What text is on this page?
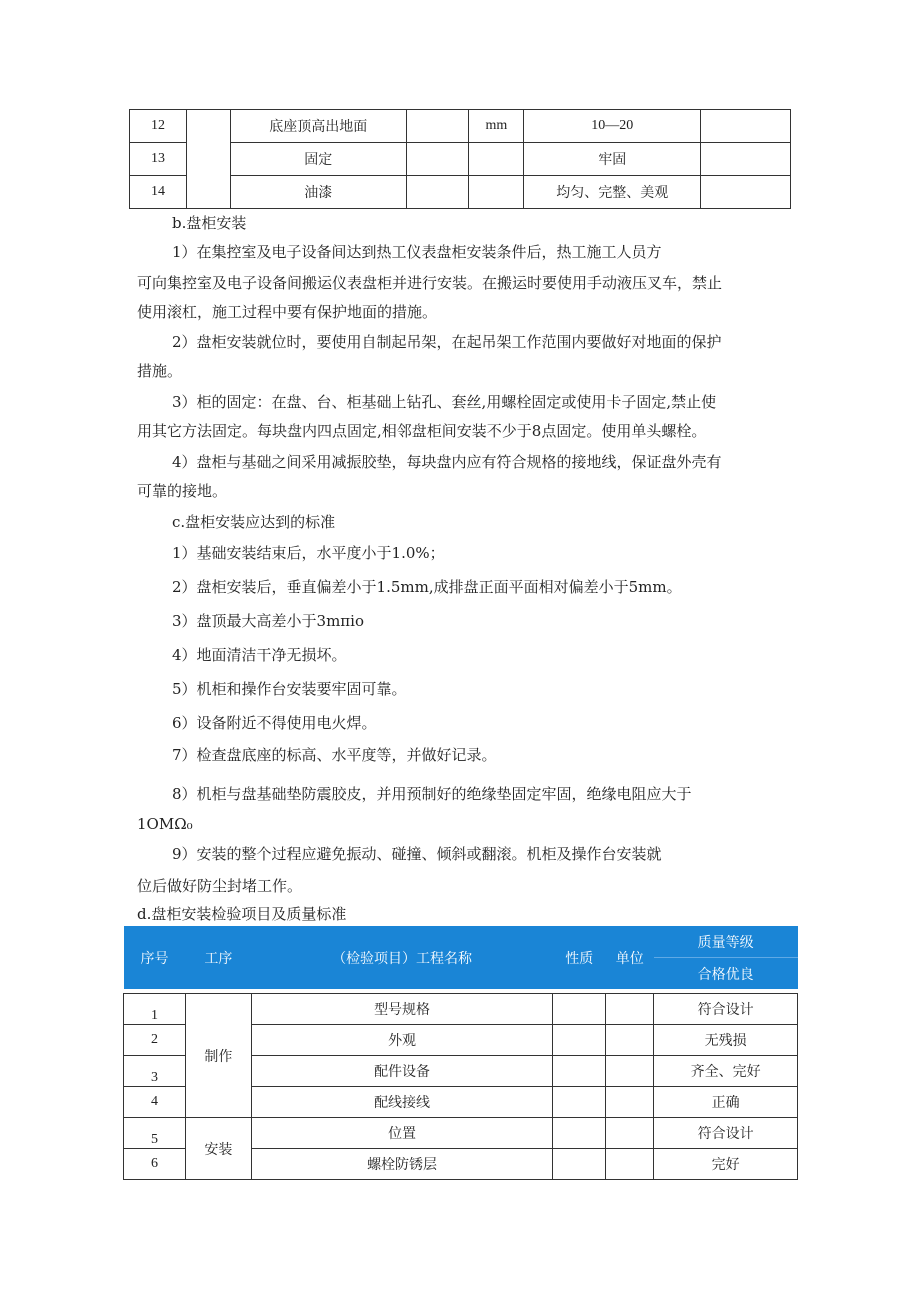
12		底座顶高出地面		mm	10—20	
13		固定			牢固	
14		油漆			均匀、完整、美观	
b.盘柜安装
1）在集控室及电子设备间达到热工仪表盘柜安装条件后，热工施工人员方
可向集控室及电子设备间搬运仪表盘柜并进行安装。在搬运时要使用手动液压叉车，禁止
使用滚杠，施工过程中要有保护地面的措施。
2）盘柜安装就位时，要使用自制起吊架，在起吊架工作范围内要做好对地面的保护
措施。
3）柜的固定：在盘、台、柜基础上钻孔、套丝,用螺栓固定或使用卡子固定,禁止使
用其它方法固定。每块盘内四点固定,相邻盘柜间安装不少于8点固定。使用单头螺栓。
4）盘柜与基础之间采用减振胶垫，每块盘内应有符合规格的接地线，保证盘外壳有
可靠的接地。
c.盘柜安装应达到的标准
1）基础安装结束后，水平度小于1.0%；
2）盘柜安装后，垂直偏差小于1.5mm,成排盘正面平面相对偏差小于5mm。
3）盘顶最大高差小于3mπio
4）地面清洁干净无损坏。
5）机柜和操作台安装要牢固可靠。
6）设备附近不得使用电火焊。
7）检查盘底座的标高、水平度等，并做好记录。
8）机柜与盘基础垫防震胶皮，并用预制好的绝缘垫固定牢固，绝缘电阻应大于
1OMΩ₀
9）安装的整个过程应避免振动、碰撞、倾斜或翻滚。机柜及操作台安装就
位后做好防尘封堵工作。
d.盘柜安装检验项目及质量标准
序号	工序	（检验项目）工程名称	性质	单位	质量等级
					合格优良

1	制作	型号规格			符合设计
2		外观			无残损
3		配件设备			齐全、完好
4		配线接线			正确
5	安装	位置			符合设计
6		螺栓防锈层			完好
